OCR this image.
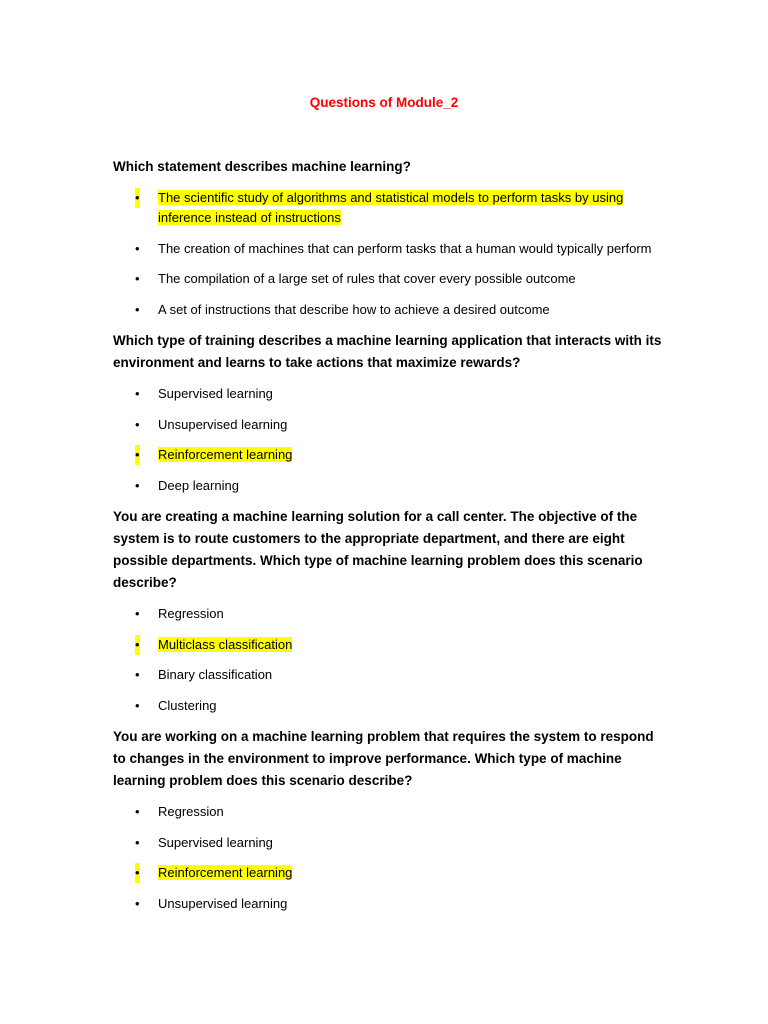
Questions of Module_2

Which statement describes machine learning?

• The scientific study of algorithms and statistical models to perform tasks by using inference instead of instructions
• The creation of machines that can perform tasks that a human would typically perform
• The compilation of a large set of rules that cover every possible outcome
• A set of instructions that describe how to achieve a desired outcome

Which type of training describes a machine learning application that interacts with its environment and learns to take actions that maximize rewards?

• Supervised learning
• Unsupervised learning
• Reinforcement learning
• Deep learning

You are creating a machine learning solution for a call center. The objective of the system is to route customers to the appropriate department, and there are eight possible departments. Which type of machine learning problem does this scenario describe?

• Regression
• Multiclass classification
• Binary classification
• Clustering

You are working on a machine learning problem that requires the system to respond to changes in the environment to improve performance. Which type of machine learning problem does this scenario describe?

• Regression
• Supervised learning
• Reinforcement learning
• Unsupervised learning
